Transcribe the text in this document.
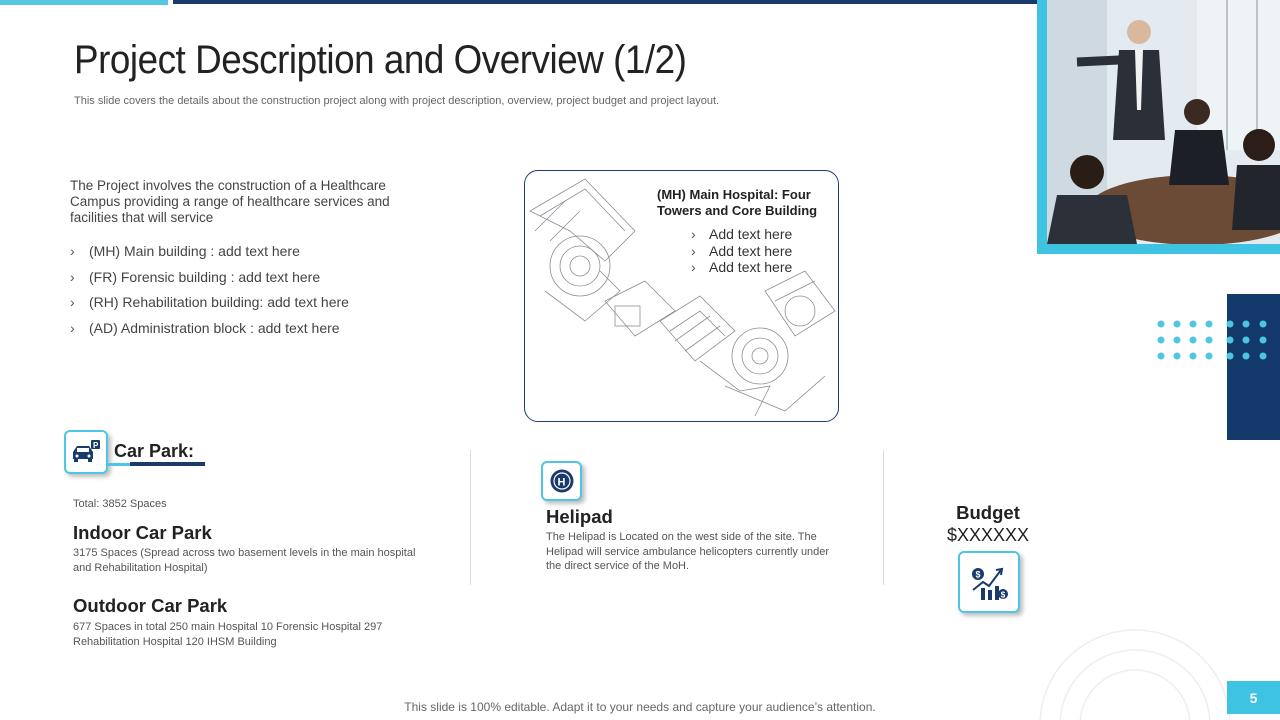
Project Description and Overview (1/2)
This slide covers the details about the construction project along with project description, overview, project budget and project layout.
The Project involves the construction of a Healthcare Campus providing a range of healthcare services and facilities that will service
›	(MH) Main building : add text here
›	(FR) Forensic building : add text here
›	(RH) Rehabilitation building: add text here
›	(AD) Administration block : add text here
(MH) Main Hospital: Four Towers and Core Building
› Add text here
› Add text here
› Add text here
P Car Park:
Total: 3852 Spaces
Indoor Car Park
3175 Spaces (Spread across two basement levels in the main hospital and Rehabilitation Hospital)
Outdoor Car Park
677 Spaces in total 250 main Hospital 10 Forensic Hospital 297 Rehabilitation Hospital 120 IHSM Building
H
Helipad
The Helipad is Located on the west side of the site. The Helipad will service ambulance helicopters currently under the direct service of the MoH.
Budget
$XXXXXX
$
$
This slide is 100% editable. Adapt it to your needs and capture your audience’s attention.
5
